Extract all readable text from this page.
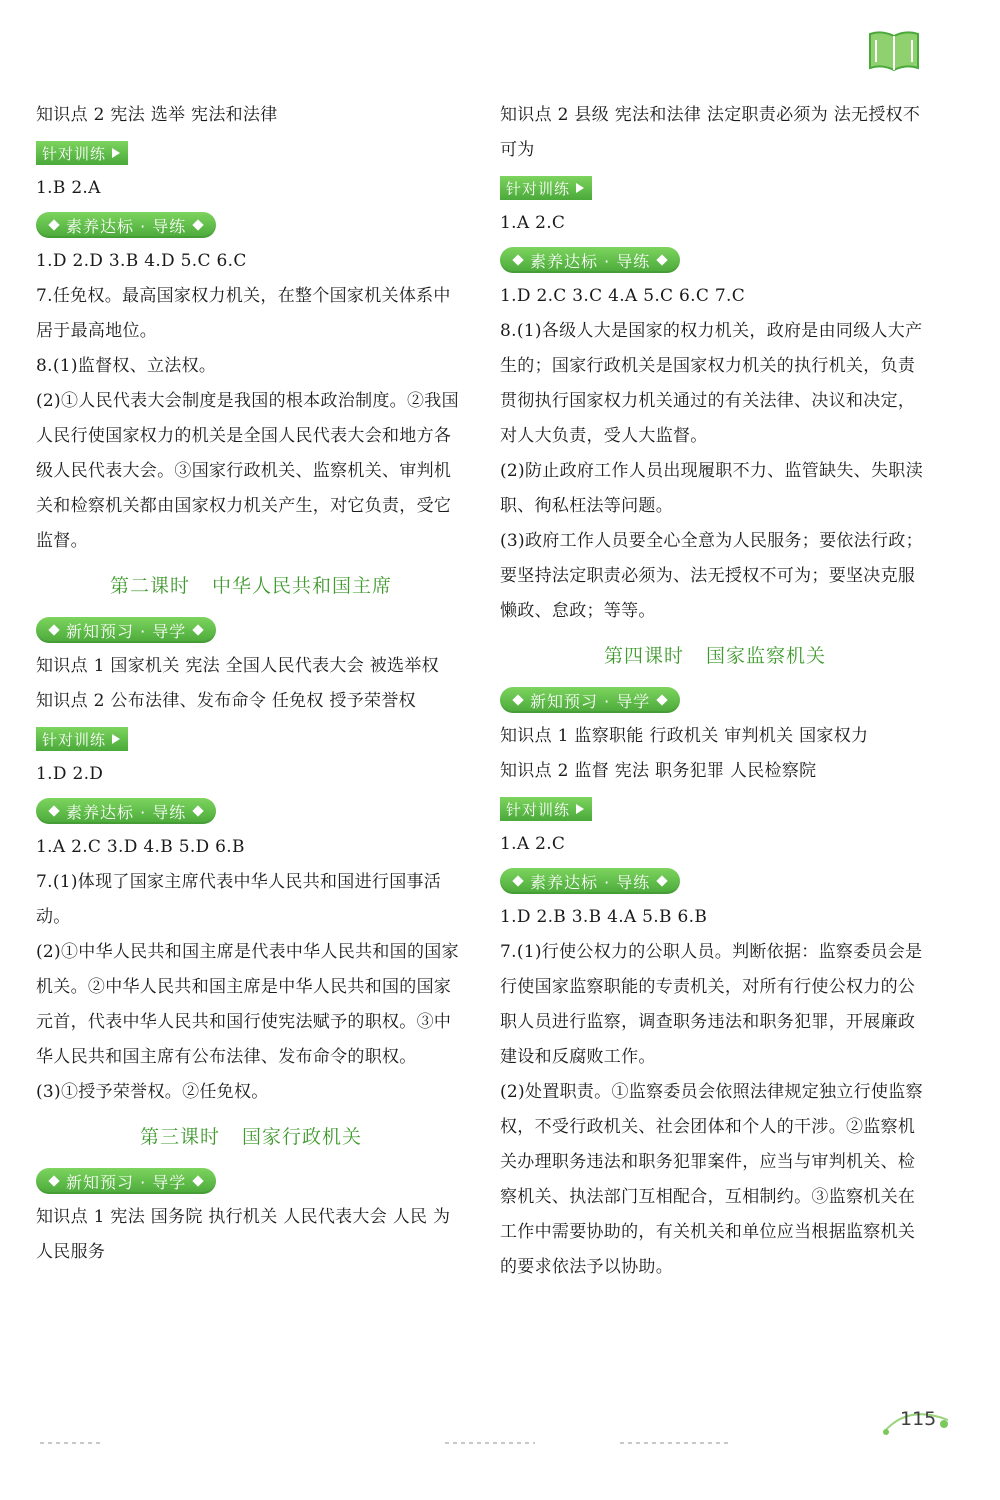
知识点 2 宪法 选举 宪法和法律

针对训练

1.B 2.A

素养达标 · 导练

1.D 2.D 3.B 4.D 5.C 6.C

7.任免权。最高国家权力机关，在整个国家机关体系中居于最高地位。

8.(1)监督权、立法权。

(2)①人民代表大会制度是我国的根本政治制度。②我国人民行使国家权力的机关是全国人民代表大会和地方各级人民代表大会。③国家行政机关、监察机关、审判机关和检察机关都由国家权力机关产生，对它负责，受它监督。

第二课时 中华人民共和国主席
新知预习 · 导学

知识点 1 国家机关 宪法 全国人民代表大会 被选举权

知识点 2 公布法律、发布命令 任免权 授予荣誉权

针对训练

1.D 2.D

素养达标 · 导练

1.A 2.C 3.D 4.B 5.D 6.B

7.(1)体现了国家主席代表中华人民共和国进行国事活动。

(2)①中华人民共和国主席是代表中华人民共和国的国家机关。②中华人民共和国主席是中华人民共和国的国家元首，代表中华人民共和国行使宪法赋予的职权。③中华人民共和国主席有公布法律、发布命令的职权。

(3)①授予荣誉权。②任免权。

第三课时 国家行政机关
新知预习 · 导学

知识点 1 宪法 国务院 执行机关 人民代表大会 人民 为人民服务

知识点 2 县级 宪法和法律 法定职责必须为 法无授权不可为

针对训练

1.A 2.C

素养达标 · 导练

1.D 2.C 3.C 4.A 5.C 6.C 7.C

8.(1)各级人大是国家的权力机关，政府是由同级人大产生的；国家行政机关是国家权力机关的执行机关，负责贯彻执行国家权力机关通过的有关法律、决议和决定，对人大负责，受人大监督。

(2)防止政府工作人员出现履职不力、监管缺失、失职渎职、徇私枉法等问题。

(3)政府工作人员要全心全意为人民服务；要依法行政；要坚持法定职责必须为、法无授权不可为；要坚决克服懒政、怠政；等等。

第四课时 国家监察机关
新知预习 · 导学

知识点 1 监察职能 行政机关 审判机关 国家权力

知识点 2 监督 宪法 职务犯罪 人民检察院

针对训练

1.A 2.C

素养达标 · 导练

1.D 2.B 3.B 4.A 5.B 6.B

7.(1)行使公权力的公职人员。判断依据：监察委员会是行使国家监察职能的专责机关，对所有行使公权力的公职人员进行监察，调查职务违法和职务犯罪，开展廉政建设和反腐败工作。

(2)处置职责。①监察委员会依照法律规定独立行使监察权，不受行政机关、社会团体和个人的干涉。②监察机关办理职务违法和职务犯罪案件，应当与审判机关、检察机关、执法部门互相配合，互相制约。③监察机关在工作中需要协助的，有关机关和单位应当根据监察机关的要求依法予以协助。

115
